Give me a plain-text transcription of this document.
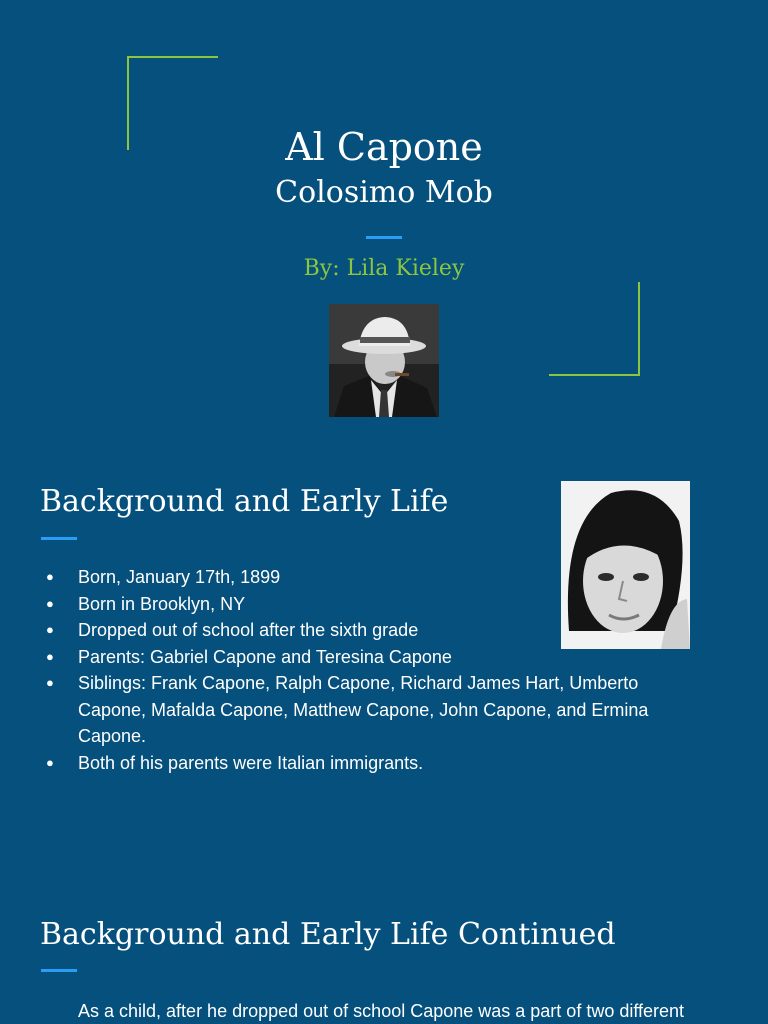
Al Capone
Colosimo Mob
By: Lila Kieley
Background and Early Life
● Born, January 17th, 1899
● Born in Brooklyn, NY
● Dropped out of school after the sixth grade
● Parents: Gabriel Capone and Teresina Capone
● Siblings: Frank Capone, Ralph Capone, Richard James Hart, Umberto Capone, Mafalda Capone, Matthew Capone, John Capone, and Ermina Capone.
● Both of his parents were Italian immigrants.
Background and Early Life Continued
As a child, after he dropped out of school Capone was a part of two different
